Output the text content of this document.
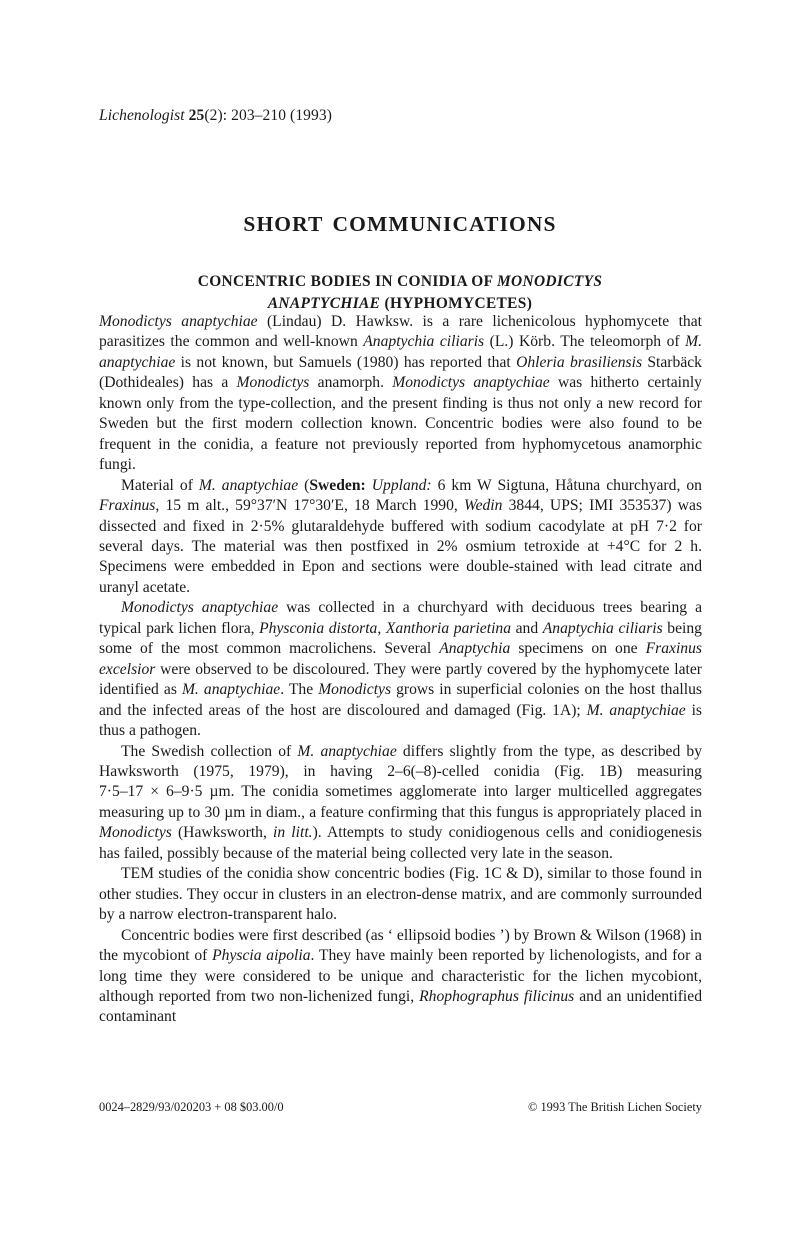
Lichenologist 25(2): 203–210 (1993)
SHORT COMMUNICATIONS
CONCENTRIC BODIES IN CONIDIA OF MONODICTYS
ANAPTYCHIAE (HYPHOMYCETES)

Monodictys anaptychiae (Lindau) D. Hawksw. is a rare lichenicolous hyphomycete that parasitizes the common and well-known Anaptychia ciliaris (L.) Körb. The teleomorph of M. anaptychiae is not known, but Samuels (1980) has reported that Ohleria brasiliensis Starbäck (Dothideales) has a Monodictys anamorph. Monodictys anaptychiae was hitherto certainly known only from the type-collection, and the present finding is thus not only a new record for Sweden but the first modern collection known. Concentric bodies were also found to be frequent in the conidia, a feature not previously reported from hyphomycetous anamorphic fungi.

Material of M. anaptychiae (Sweden: Uppland: 6 km W Sigtuna, Håtuna churchyard, on Fraxinus, 15 m alt., 59°37′N 17°30′E, 18 March 1990, Wedin 3844, UPS; IMI 353537) was dissected and fixed in 2·5% glutaraldehyde buffered with sodium cacodylate at pH 7·2 for several days. The material was then postfixed in 2% osmium tetroxide at +4°C for 2 h. Specimens were embedded in Epon and sections were double-stained with lead citrate and uranyl acetate.

Monodictys anaptychiae was collected in a churchyard with deciduous trees bearing a typical park lichen flora, Physconia distorta, Xanthoria parietina and Anaptychia ciliaris being some of the most common macrolichens. Several Anaptychia specimens on one Fraxinus excelsior were observed to be discoloured. They were partly covered by the hyphomycete later identified as M. anaptychiae. The Monodictys grows in superficial colonies on the host thallus and the infected areas of the host are discoloured and damaged (Fig. 1A); M. anaptychiae is thus a pathogen.

The Swedish collection of M. anaptychiae differs slightly from the type, as described by Hawksworth (1975, 1979), in having 2–6(–8)-celled conidia (Fig. 1B) measuring 7·5–17 × 6–9·5 µm. The conidia sometimes agglomerate into larger multicelled aggregates measuring up to 30 µm in diam., a feature confirming that this fungus is appropriately placed in Monodictys (Hawksworth, in litt.). Attempts to study conidiogenous cells and conidiogenesis has failed, possibly because of the material being collected very late in the season.

TEM studies of the conidia show concentric bodies (Fig. 1C & D), similar to those found in other studies. They occur in clusters in an electron-dense matrix, and are commonly surrounded by a narrow electron-transparent halo.

Concentric bodies were first described (as ‘ ellipsoid bodies ’) by Brown & Wilson (1968) in the mycobiont of Physcia aipolia. They have mainly been reported by lichenologists, and for a long time they were considered to be unique and characteristic for the lichen mycobiont, although reported from two non-lichenized fungi, Rhophographus filicinus and an unidentified contaminant

0024–2829/93/020203 + 08 $03.00/0	© 1993 The British Lichen Society
